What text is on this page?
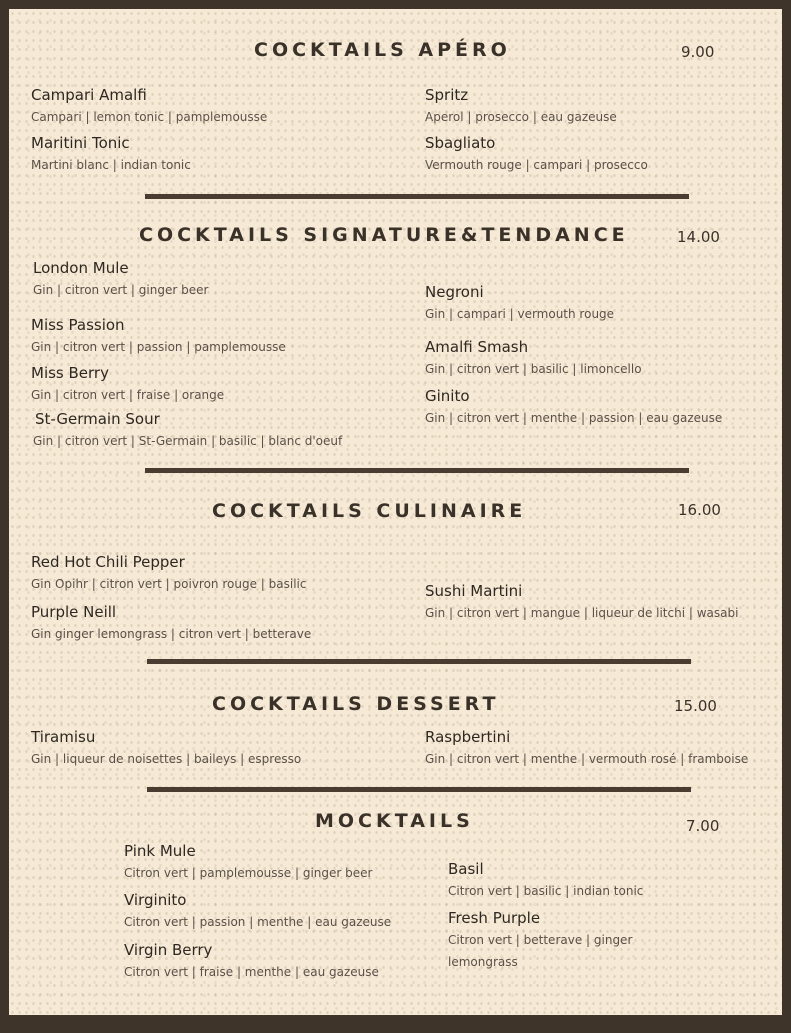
COCKTAILS APÉRO	9.00
Campari Amalfi
Campari | lemon tonic | pamplemousse
Maritini Tonic
Martini blanc | indian tonic
Spritz
Aperol | prosecco | eau gazeuse
Sbagliato
Vermouth rouge | campari | prosecco
COCKTAILS SIGNATURE&TENDANCE	14.00
London Mule
Gin | citron vert | ginger beer
Miss Passion
Gin | citron vert | passion | pamplemousse
Miss Berry
Gin | citron vert | fraise | orange
St-Germain Sour
Gin | citron vert | St-Germain | basilic | blanc d'oeuf
Negroni
Gin | campari | vermouth rouge
Amalfi Smash
Gin | citron vert | basilic | limoncello
Ginito
Gin | citron vert | menthe | passion | eau gazeuse
COCKTAILS CULINAIRE	16.00
Red Hot Chili Pepper
Gin Opihr | citron vert | poivron rouge | basilic
Purple Neill
Gin ginger lemongrass | citron vert | betterave
Sushi Martini
Gin | citron vert | mangue | liqueur de litchi | wasabi
COCKTAILS DESSERT	15.00
Tiramisu
Gin | liqueur de noisettes | baileys | espresso
Raspbertini
Gin | citron vert | menthe | vermouth rosé | framboise
MOCKTAILS	7.00
Pink Mule
Citron vert | pamplemousse | ginger beer
Virginito
Citron vert | passion | menthe | eau gazeuse
Virgin Berry
Citron vert | fraise | menthe | eau gazeuse
Basil
Citron vert | basilic | indian tonic
Fresh Purple
Citron vert | betterave | ginger
lemongrass
